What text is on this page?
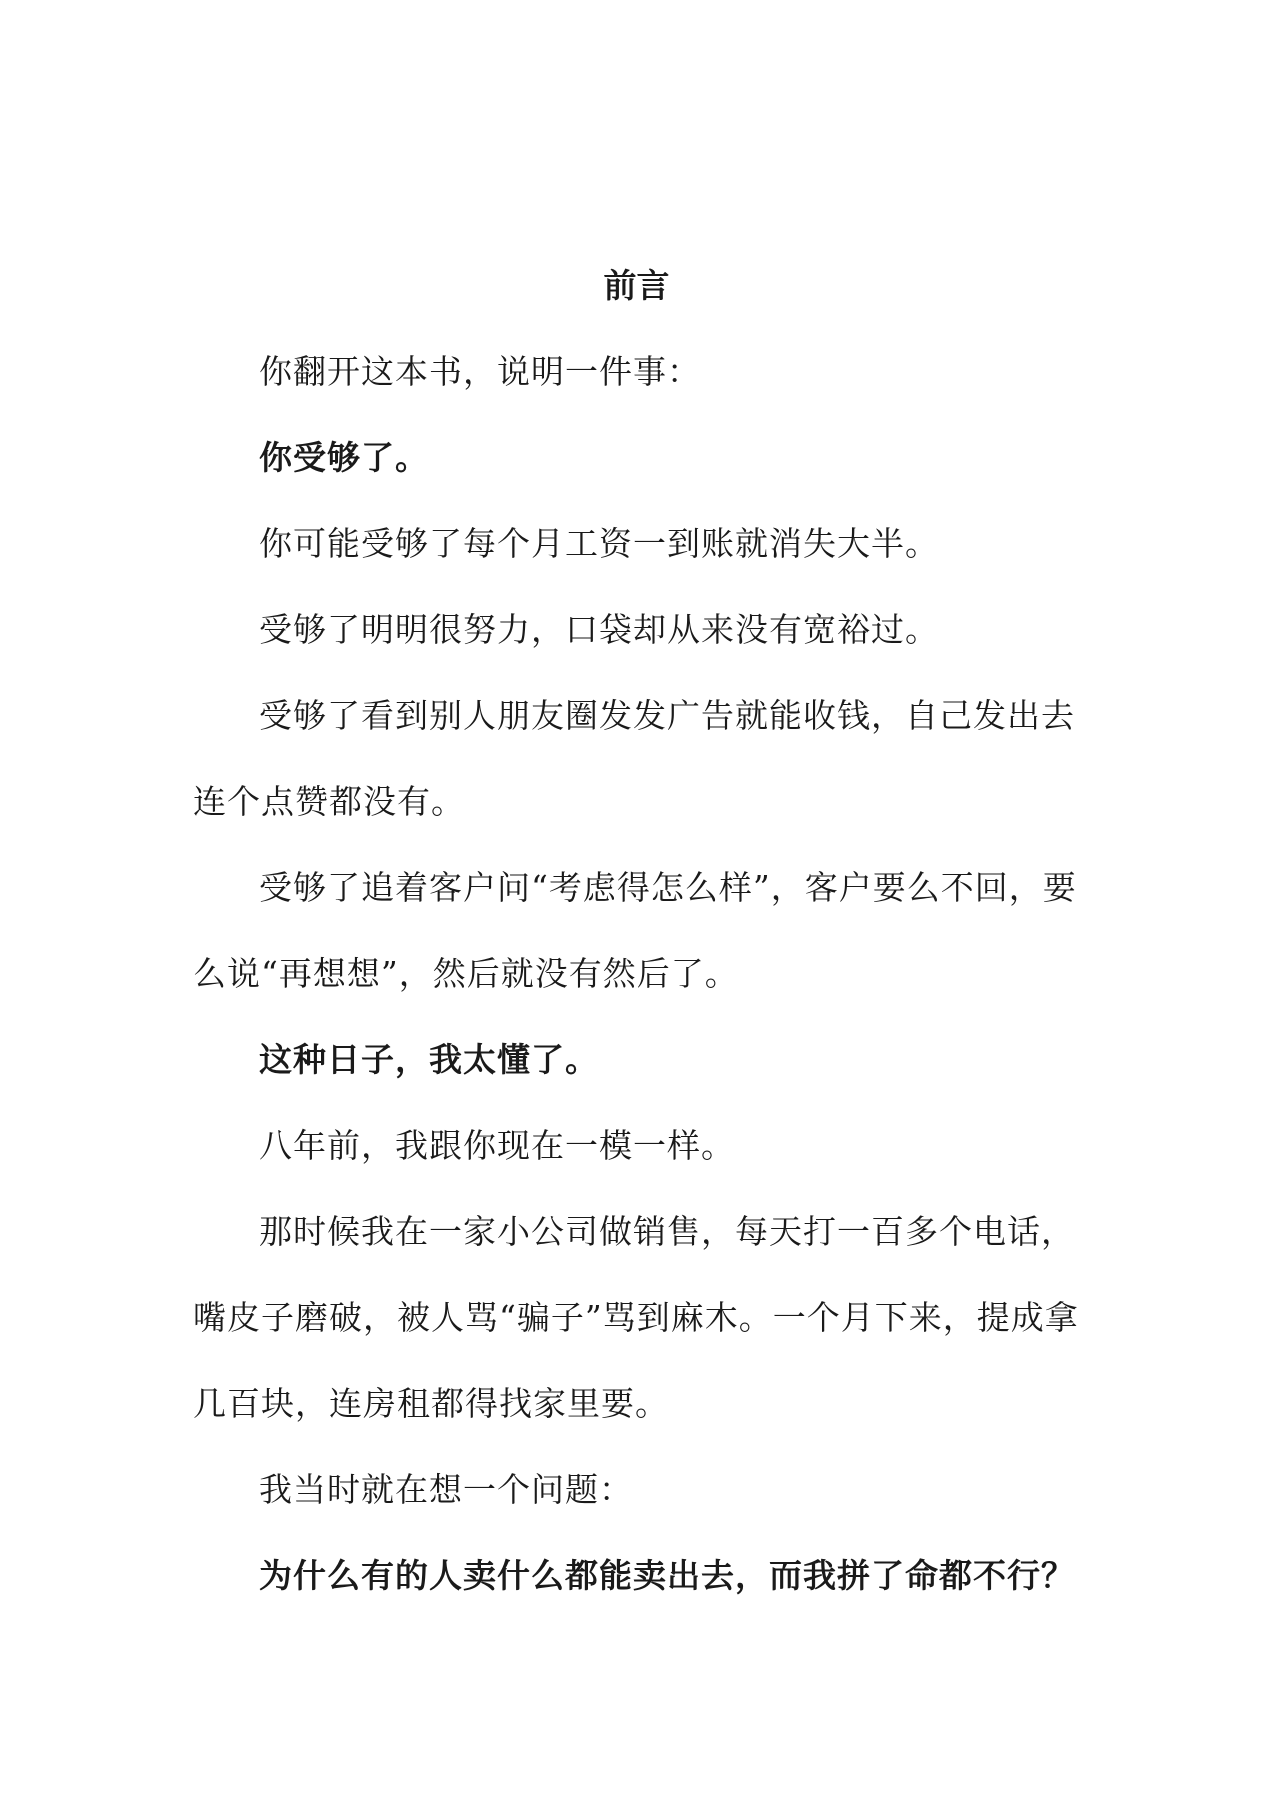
前言

你翻开这本书，说明一件事：

你受够了。

你可能受够了每个月工资一到账就消失大半。

受够了明明很努力，口袋却从来没有宽裕过。

受够了看到别人朋友圈发发广告就能收钱，自己发出去连个点赞都没有。

受够了追着客户问“考虑得怎么样”，客户要么不回，要么说“再想想”，然后就没有然后了。

这种日子，我太懂了。

八年前，我跟你现在一模一样。

那时候我在一家小公司做销售，每天打一百多个电话，嘴皮子磨破，被人骂“骗子”骂到麻木。一个月下来，提成拿几百块，连房租都得找家里要。

我当时就在想一个问题：

为什么有的人卖什么都能卖出去，而我拼了命都不行？
